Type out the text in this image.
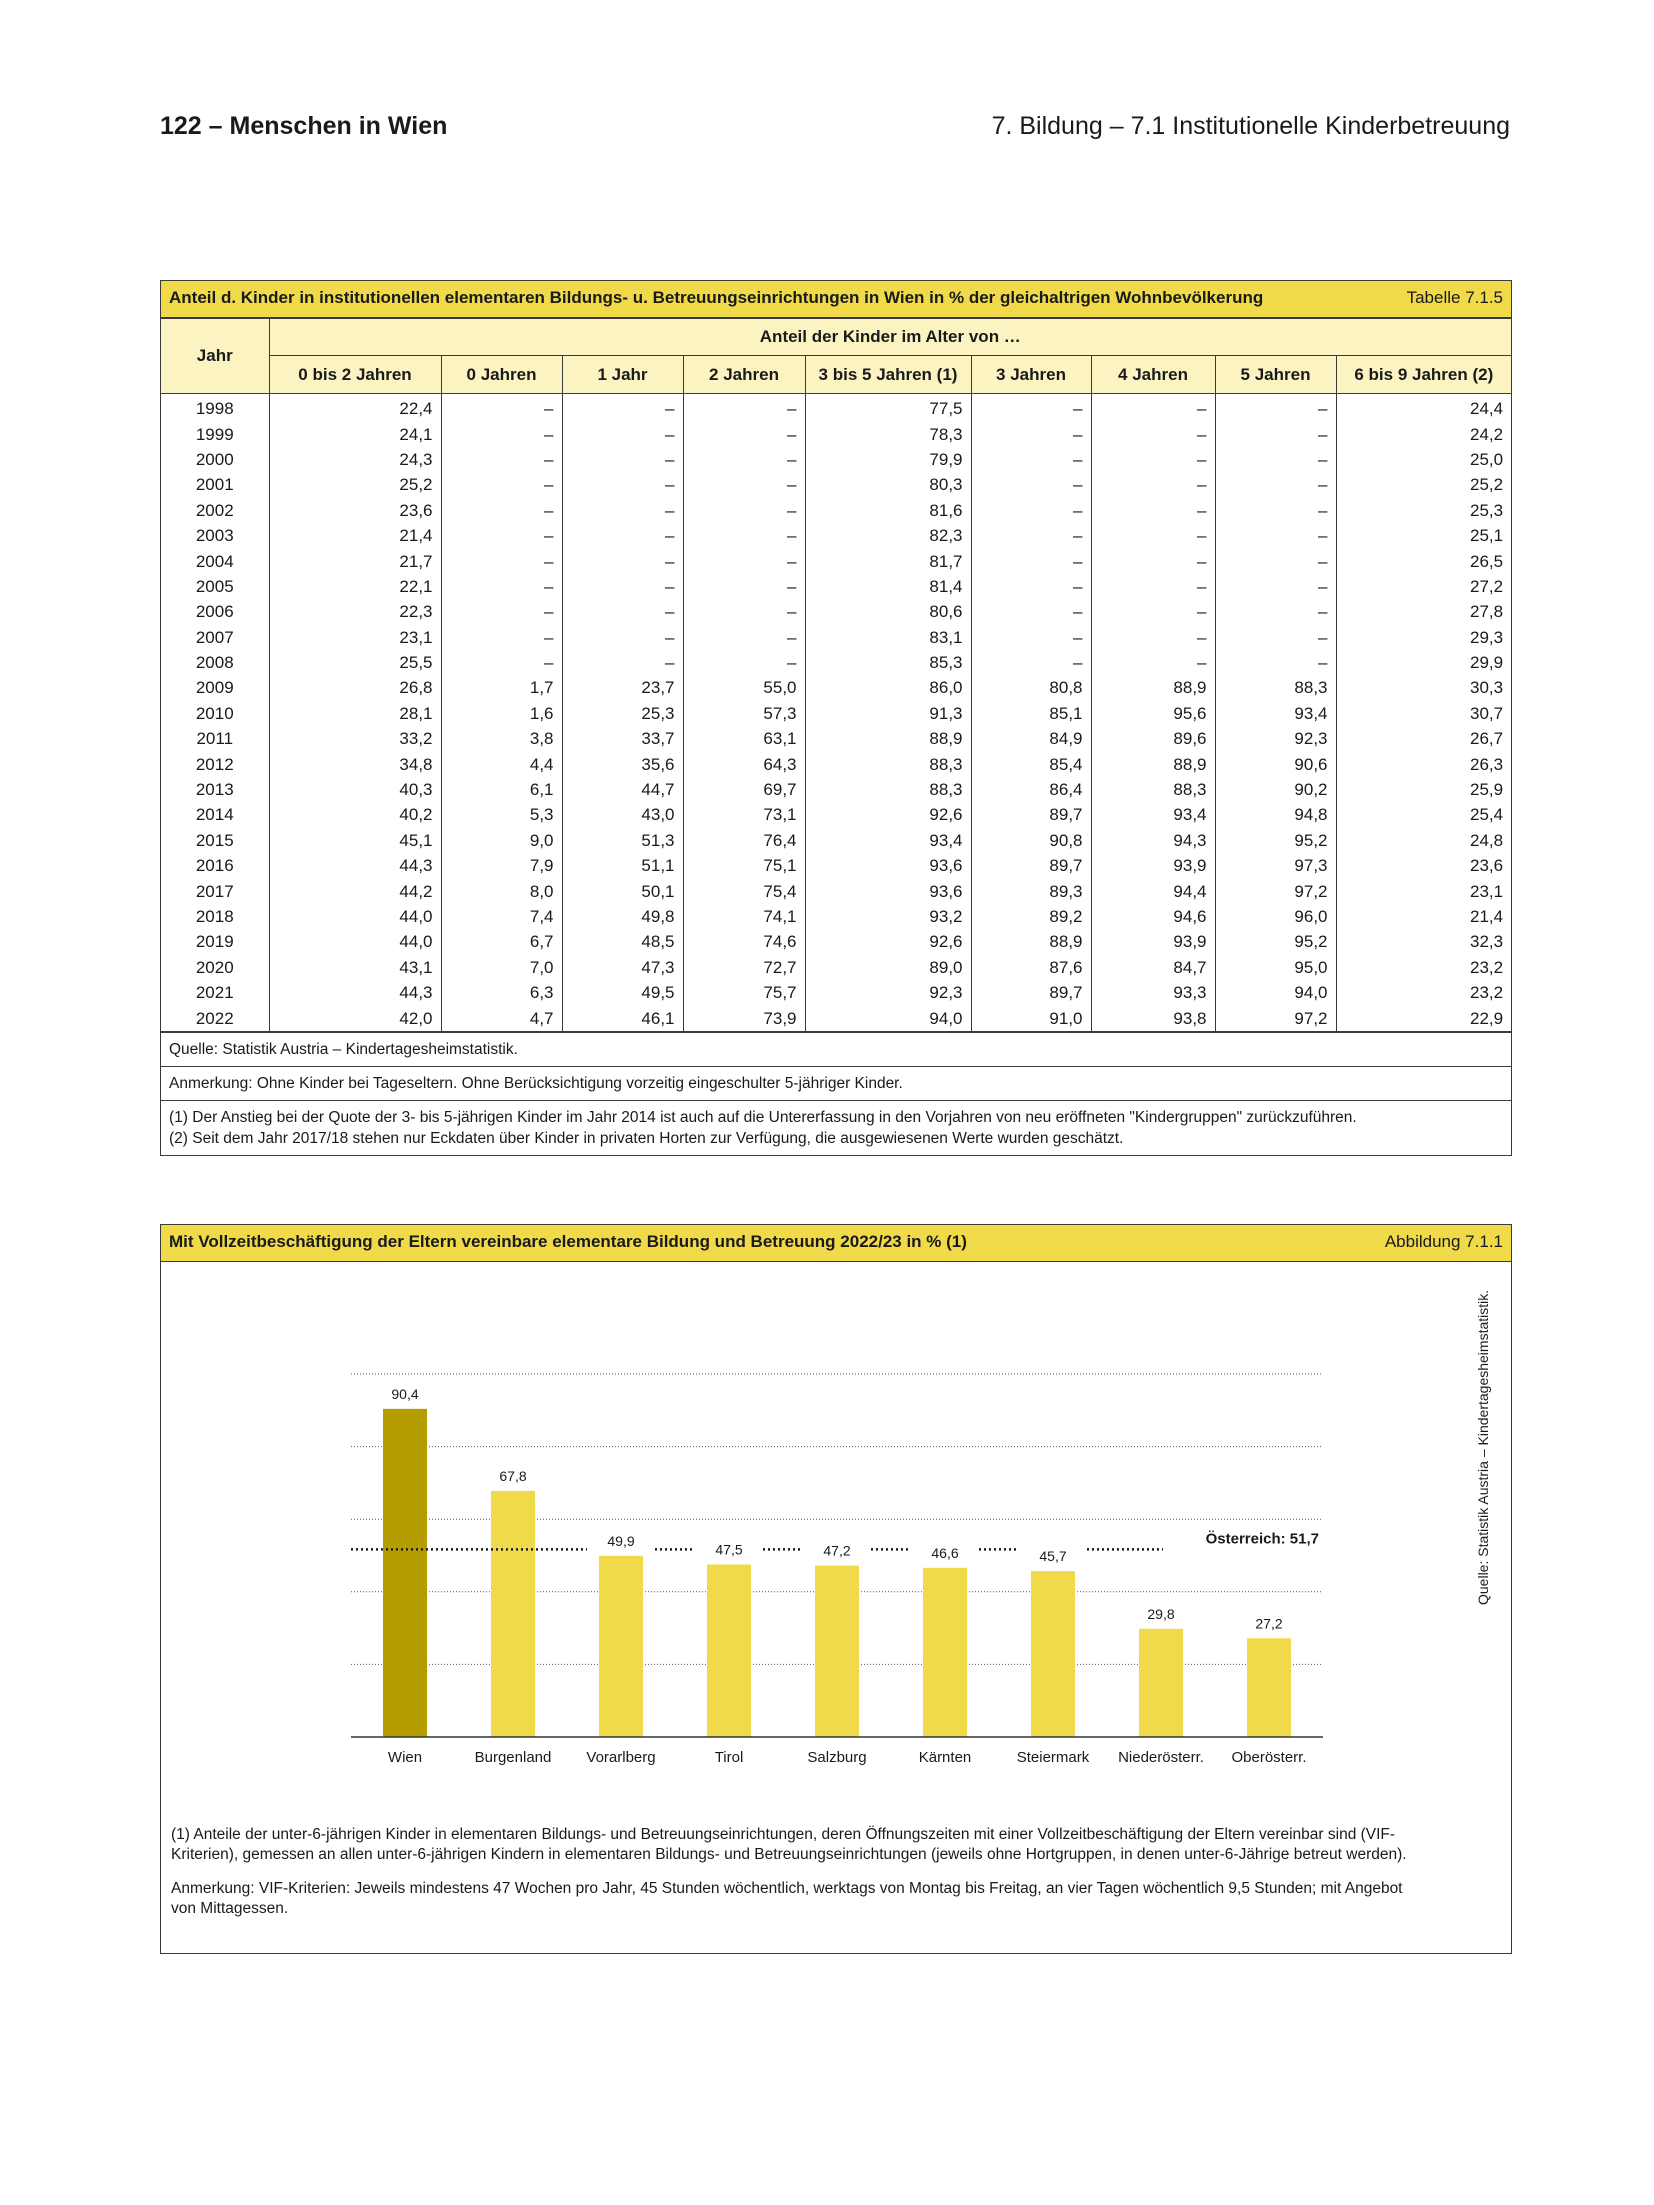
122 – Menschen in Wien	7. Bildung – 7.1 Institutionelle Kinderbetreuung
Anteil d. Kinder in institutionellen elementaren Bildungs- u. Betreuungseinrichtungen in Wien in % der gleichaltrigen Wohnbevölkerung	Tabelle 7.1.5
Jahr	Anteil der Kinder im Alter von …								
	0 bis 2 Jahren	0 Jahren	1 Jahr	2 Jahren	3 bis 5 Jahren (1)	3 Jahren	4 Jahren	5 Jahren	6 bis 9 Jahren (2)
1998	22,4	–	–	–	77,5	–	–	–	24,4
1999	24,1	–	–	–	78,3	–	–	–	24,2
2000	24,3	–	–	–	79,9	–	–	–	25,0
2001	25,2	–	–	–	80,3	–	–	–	25,2
2002	23,6	–	–	–	81,6	–	–	–	25,3
2003	21,4	–	–	–	82,3	–	–	–	25,1
2004	21,7	–	–	–	81,7	–	–	–	26,5
2005	22,1	–	–	–	81,4	–	–	–	27,2
2006	22,3	–	–	–	80,6	–	–	–	27,8
2007	23,1	–	–	–	83,1	–	–	–	29,3
2008	25,5	–	–	–	85,3	–	–	–	29,9
2009	26,8	1,7	23,7	55,0	86,0	80,8	88,9	88,3	30,3
2010	28,1	1,6	25,3	57,3	91,3	85,1	95,6	93,4	30,7
2011	33,2	3,8	33,7	63,1	88,9	84,9	89,6	92,3	26,7
2012	34,8	4,4	35,6	64,3	88,3	85,4	88,9	90,6	26,3
2013	40,3	6,1	44,7	69,7	88,3	86,4	88,3	90,2	25,9
2014	40,2	5,3	43,0	73,1	92,6	89,7	93,4	94,8	25,4
2015	45,1	9,0	51,3	76,4	93,4	90,8	94,3	95,2	24,8
2016	44,3	7,9	51,1	75,1	93,6	89,7	93,9	97,3	23,6
2017	44,2	8,0	50,1	75,4	93,6	89,3	94,4	97,2	23,1
2018	44,0	7,4	49,8	74,1	93,2	89,2	94,6	96,0	21,4
2019	44,0	6,7	48,5	74,6	92,6	88,9	93,9	95,2	32,3
2020	43,1	7,0	47,3	72,7	89,0	87,6	84,7	95,0	23,2
2021	44,3	6,3	49,5	75,7	92,3	89,7	93,3	94,0	23,2
2022	42,0	4,7	46,1	73,9	94,0	91,0	93,8	97,2	22,9
Quelle: Statistik Austria – Kindertagesheimstatistik.
Anmerkung: Ohne Kinder bei Tageseltern. Ohne Berücksichtigung vorzeitig eingeschulter 5-jähriger Kinder.
(1) Der Anstieg bei der Quote der 3- bis 5-jährigen Kinder im Jahr 2014 ist auch auf die Untererfassung in den Vorjahren von neu eröffneten "Kindergruppen" zurückzuführen.
(2) Seit dem Jahr 2017/18 stehen nur Eckdaten über Kinder in privaten Horten zur Verfügung, die ausgewiesenen Werte wurden geschätzt.
Mit Vollzeitbeschäftigung der Eltern vereinbare elementare Bildung und Betreuung 2022/23 in % (1)	Abbildung 7.1.1
90,4
Wien
67,8
Burgenland
49,9
Vorarlberg
47,5
Tirol
47,2
Salzburg
46,6
Kärnten
45,7
Steiermark
29,8
Niederösterr.
27,2
Oberösterr.
Österreich: 51,7	Quelle: Statistik Austria – Kindertagesheimstatistik.

(1) Anteile der unter-6-jährigen Kinder in elementaren Bildungs- und Betreuungseinrichtungen, deren Öffnungszeiten mit einer Vollzeitbeschäftigung der Eltern vereinbar sind (VIF-Kriterien), gemessen an allen unter-6-jährigen Kindern in elementaren Bildungs- und Betreuungseinrichtungen (jeweils ohne Hortgruppen, in denen unter-6-Jährige betreut werden).

Anmerkung: VIF-Kriterien: Jeweils mindestens 47 Wochen pro Jahr, 45 Stunden wöchentlich, werktags von Montag bis Freitag, an vier Tagen wöchentlich 9,5 Stunden; mit Angebot von Mittagessen.
